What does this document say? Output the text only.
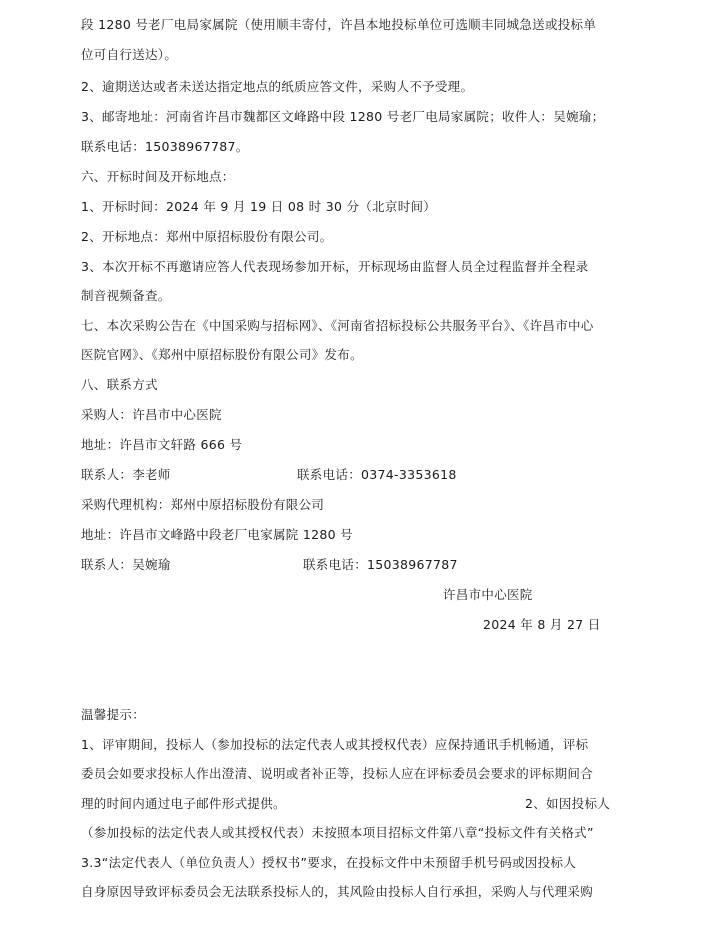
段 1280 号老厂电局家属院（使用顺丰寄付，许昌本地投标单位可选顺丰同城急送或投标单
位可自行送达）。
2、逾期送达或者未送达指定地点的纸质应答文件，采购人不予受理。
3、邮寄地址：河南省许昌市魏都区文峰路中段 1280 号老厂电局家属院；收件人：吴婉瑜；
联系电话：15038967787。
六、开标时间及开标地点：
1、开标时间：2024 年 9 月 19 日 08 时 30 分（北京时间）
2、开标地点：郑州中原招标股份有限公司。
3、本次开标不再邀请应答人代表现场参加开标，开标现场由监督人员全过程监督并全程录
制音视频备查。
七、本次采购公告在《中国采购与招标网》、《河南省招标投标公共服务平台》、《许昌市中心
医院官网》、《郑州中原招标股份有限公司》发布。
八、联系方式
采购人：许昌市中心医院
地址：许昌市文轩路 666 号
联系人：李老师	联系电话：0374-3353618
采购代理机构：郑州中原招标股份有限公司
地址：许昌市文峰路中段老厂电家属院 1280 号
联系人：吴婉瑜	联系电话：15038967787
许昌市中心医院
2024 年 8 月 27 日
温馨提示：
1、评审期间，投标人（参加投标的法定代表人或其授权代表）应保持通讯手机畅通，评标
委员会如要求投标人作出澄清、说明或者补正等，投标人应在评标委员会要求的评标期间合
理的时间内通过电子邮件形式提供。	2、如因投标人
（参加投标的法定代表人或其授权代表）未按照本项目招标文件第八章“投标文件有关格式”
3.3“法定代表人（单位负责人）授权书”要求，在投标文件中未预留手机号码或因投标人
自身原因导致评标委员会无法联系投标人的，其风险由投标人自行承担，采购人与代理采购
